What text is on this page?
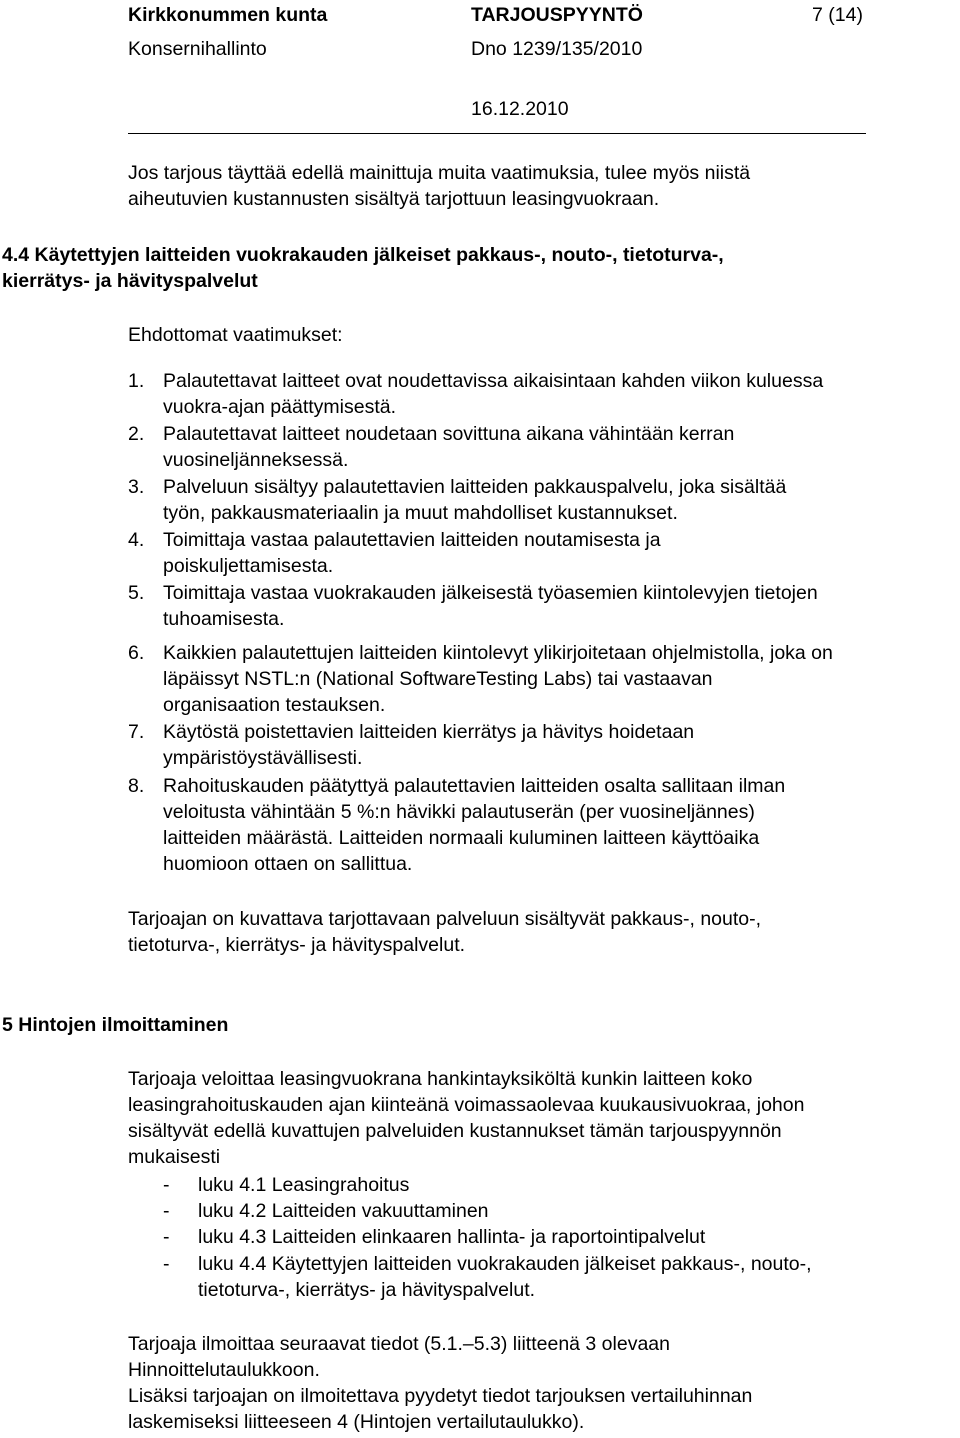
Kirkkonummen kunta
Konsernihallinto
TARJOUSPYYNTÖ
Dno 1239/135/2010
16.12.2010
7 (14)
Jos tarjous täyttää edellä mainittuja muita vaatimuksia, tulee myös niistä
aiheutuvien kustannusten sisältyä tarjottuun leasingvuokraan.
4.4 Käytettyjen laitteiden vuokrakauden jälkeiset pakkaus-, nouto-, tietoturva-,
kierrätys- ja hävityspalvelut
Ehdottomat vaatimukset:
1. Palautettavat laitteet ovat noudettavissa aikaisintaan kahden viikon kuluessa
vuokra-ajan päättymisestä.
2. Palautettavat laitteet noudetaan sovittuna aikana vähintään kerran
vuosineljänneksessä.
3. Palveluun sisältyy palautettavien laitteiden pakkauspalvelu, joka sisältää
työn, pakkausmateriaalin ja muut mahdolliset kustannukset.
4. Toimittaja vastaa palautettavien laitteiden noutamisesta ja
poiskuljettamisesta.
5. Toimittaja vastaa vuokrakauden jälkeisestä työasemien kiintolevyjen tietojen
tuhoamisesta.
6. Kaikkien palautettujen laitteiden kiintolevyt ylikirjoitetaan ohjelmistolla, joka on
läpäissyt NSTL:n (National SoftwareTesting Labs) tai vastaavan
organisaation testauksen.
7. Käytöstä poistettavien laitteiden kierrätys ja hävitys hoidetaan
ympäristöystävällisesti.
8. Rahoituskauden päätyttyä palautettavien laitteiden osalta sallitaan ilman
veloitusta vähintään 5 %:n hävikki palautuserän (per vuosineljännes)
laitteiden määrästä. Laitteiden normaali kuluminen laitteen käyttöaika
huomioon ottaen on sallittua.
Tarjoajan on kuvattava tarjottavaan palveluun sisältyvät pakkaus-, nouto-,
tietoturva-, kierrätys- ja hävityspalvelut.
5 Hintojen ilmoittaminen
Tarjoaja veloittaa leasingvuokrana hankintayksiköltä kunkin laitteen koko
leasingrahoituskauden ajan kiinteänä voimassaolevaa kuukausivuokraa, johon
sisältyvät edellä kuvattujen palveluiden kustannukset tämän tarjouspyynnön
mukaisesti
- luku 4.1 Leasingrahoitus
- luku 4.2 Laitteiden vakuuttaminen
- luku 4.3 Laitteiden elinkaaren hallinta- ja raportointipalvelut
- luku 4.4 Käytettyjen laitteiden vuokrakauden jälkeiset pakkaus-, nouto-,
tietoturva-, kierrätys- ja hävityspalvelut.
Tarjoaja ilmoittaa seuraavat tiedot (5.1.–5.3) liitteenä 3 olevaan
Hinnoittelutaulukkoon.
Lisäksi tarjoajan on ilmoitettava pyydetyt tiedot tarjouksen vertailuhinnan
laskemiseksi liitteeseen 4 (Hintojen vertailutaulukko).
